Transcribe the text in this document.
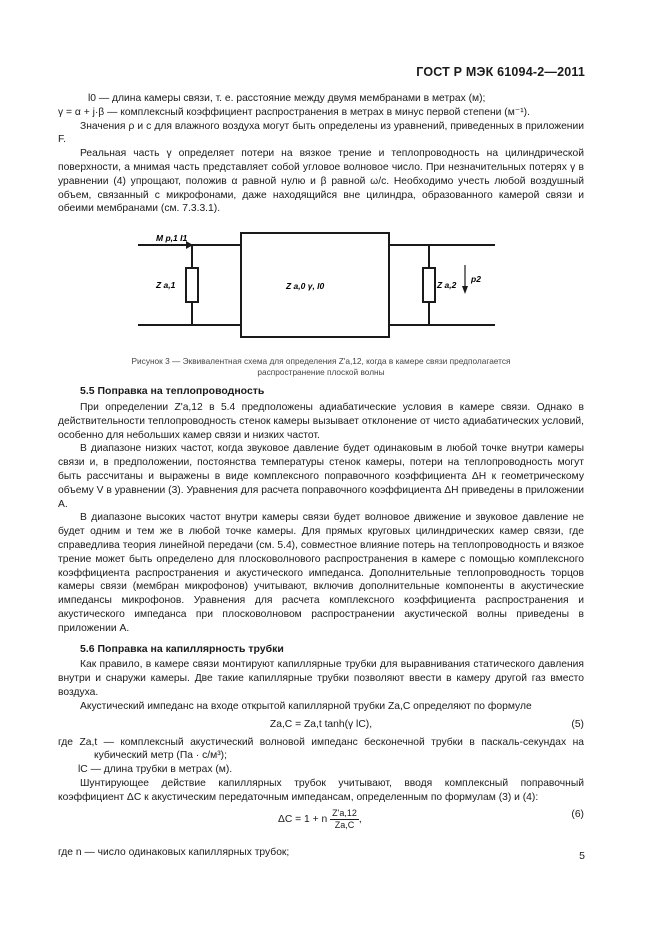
ГОСТ Р МЭК 61094-2—2011

l0 — длина камеры связи, т. е. расстояние между двумя мембранами в метрах (м);

γ = α + j·β — комплексный коэффициент распространения в метрах в минус первой степени (м⁻¹).

Значения ρ и c для влажного воздуха могут быть определены из уравнений, приведенных в приложении F.

Реальная часть γ определяет потери на вязкое трение и теплопроводность на цилиндрической поверхности, а мнимая часть представляет собой угловое волновое число. При незначительных потерях γ в уравнении (4) упрощают, положив α равной нулю и β равной ω/c. Необходимо учесть любой воздушный объем, связанный с микрофонами, даже находящийся вне цилиндра, образованного камерой связи и обеими мембранами (см. 7.3.3.1).

M p,1 I1
Z a,1	Z a,0 γ, l0	Z a,2
p2
Рисунок 3 — Эквивалентная схема для определения Z'a,12, когда в камере связи предполагается
распространение плоской волны
5.5 Поправка на теплопроводность

При определении Z'a,12 в 5.4 предположены адиабатические условия в камере связи. Однако в действительности теплопроводность стенок камеры вызывает отклонение от чисто адиабатических условий, особенно для небольших камер связи и низких частот.

В диапазоне низких частот, когда звуковое давление будет одинаковым в любой точке внутри камеры связи и, в предположении, постоянства температуры стенок камеры, потери на теплопроводность могут быть рассчитаны и выражены в виде комплексного поправочного коэффициента ΔH к геометрическому объему V в уравнении (3). Уравнения для расчета поправочного коэффициента ΔH приведены в приложении A.

В диапазоне высоких частот внутри камеры связи будет волновое движение и звуковое давление не будет одним и тем же в любой точке камеры. Для прямых круговых цилиндрических камер связи, где справедлива теория линейной передачи (см. 5.4), совместное влияние потерь на теплопроводность и вязкое трение может быть определено для плосковолнового распространения в камере с помощью комплексного коэффициента распространения и акустического импеданса. Дополнительные теплопроводность торцов камеры связи (мембран микрофонов) учитывают, включив дополнительные компоненты в акустические импедансы микрофонов. Уравнения для расчета комплексного коэффициента распространения и акустического импеданса при плосковолновом распространении акустической волны приведены в приложении A.

5.6 Поправка на капиллярность трубки

Как правило, в камере связи монтируют капиллярные трубки для выравнивания статического давления внутри и снаружи камеры. Две такие капиллярные трубки позволяют ввести в камеру другой газ вместо воздуха.

Акустический импеданс на входе открытой капиллярной трубки Za,C определяют по формуле

Za,C = Za,t tanh(γ lC),	(5)

где Za,t — комплексный акустический волновой импеданс бесконечной трубки в паскаль-секундах на кубический метр (Па · с/м³);

lC — длина трубки в метрах (м).

Шунтирующее действие капиллярных трубок учитывают, вводя комплексный поправочный коэффициент ΔC к акустическим передаточным импедансам, определенным по формулам (3) и (4):

ΔC = 1 + n $\frac{Z'a,12}{Za,C}$ ,	(6)

где n — число одинаковых капиллярных трубок;	5
